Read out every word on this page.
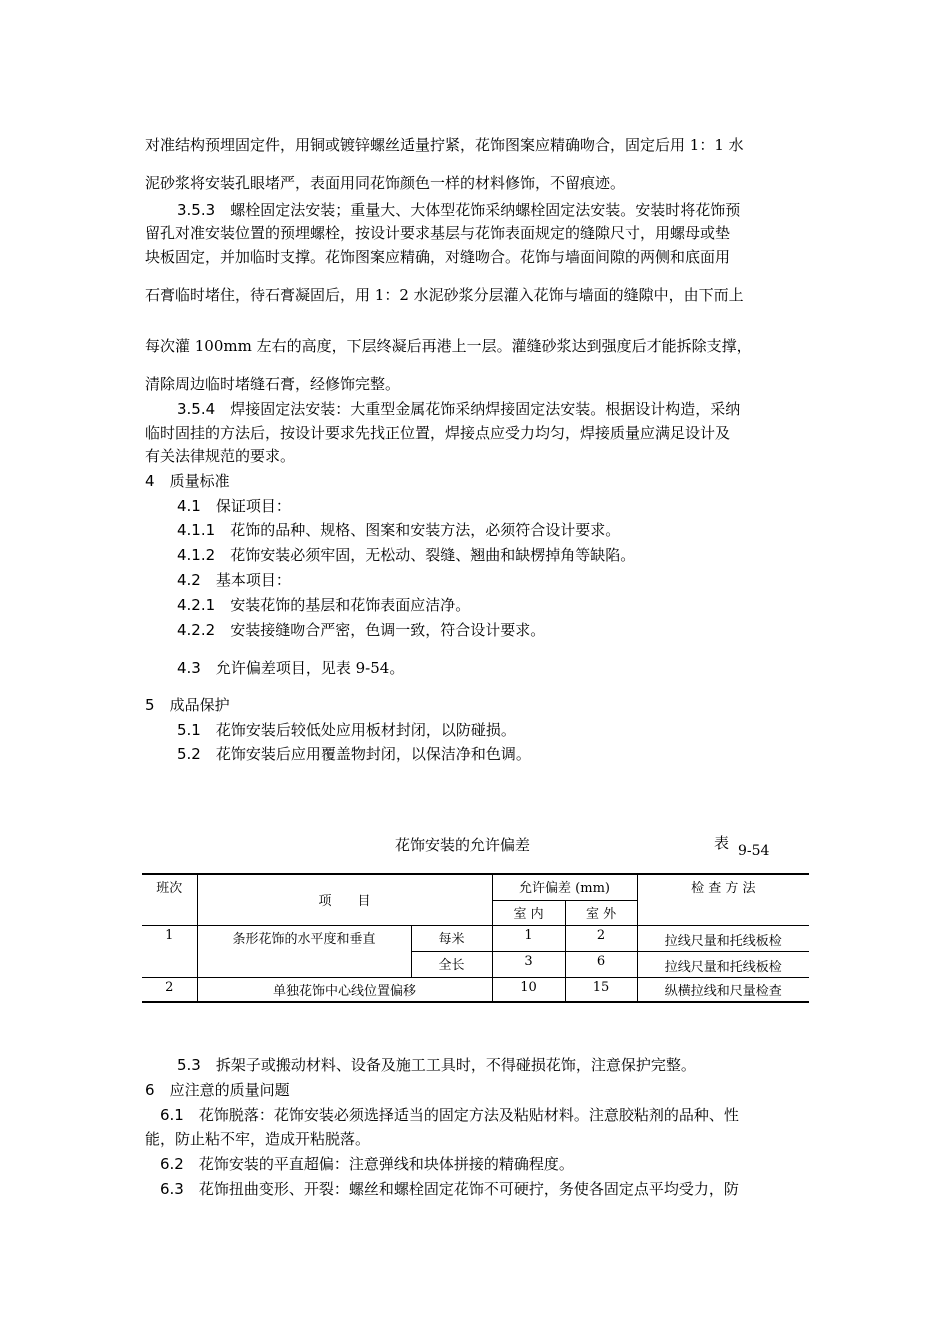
对准结构预埋固定件，用铜或镀锌螺丝适量拧紧，花饰图案应精确吻合，固定后用 1：1 水
泥砂浆将安装孔眼堵严，表面用同花饰颜色一样的材料修饰，不留痕迹。
3.5.3　 螺栓固定法安装；重量大、大体型花饰采纳螺栓固定法安装。安装时将花饰预
留孔对准安装位置的预埋螺栓，按设计要求基层与花饰表面规定的缝隙尺寸，用螺母或垫
块板固定，并加临时支撑。花饰图案应精确，对缝吻合。花饰与墙面间隙的两侧和底面用
石膏临时堵住，待石膏凝固后，用 1：2 水泥砂浆分层灌入花饰与墙面的缝隙中，由下而上
每次灌 100mm 左右的高度，下层终凝后再港上一层。灌缝砂浆达到强度后才能拆除支撑，
清除周边临时堵缝石膏，经修饰完整。
3.5.4　 焊接固定法安装：大重型金属花饰采纳焊接固定法安装。根据设计构造，采纳
临时固挂的方法后，按设计要求先找正位置，焊接点应受力均匀，焊接质量应满足设计及
有关法律规范的要求。
4　 质量标准
4.1　 保证项目：
4.1.1　 花饰的品种、规格、图案和安装方法，必须符合设计要求。
4.1.2　 花饰安装必须牢固，无松动、裂缝、翘曲和缺楞掉角等缺陷。
4.2　 基本项目：
4.2.1　 安装花饰的基层和花饰表面应洁净。
4.2.2　 安装接缝吻合严密，色调一致，符合设计要求。
4.3　 允许偏差项目，见表 9-54。
5　 成品保护
5.1　 花饰安装后较低处应用板材封闭，以防碰损。
5.2　 花饰安装后应用覆盖物封闭，以保洁净和色调。
花饰安装的允许偏差	表 9-54
班次	项　　目		允许偏差 (mm)		检 查 方 法
			室 内	室 外	
1	条形花饰的水平度和垂直	每米	1	2	拉线尺量和托线板检
		全长	3	6	拉线尺量和托线板检
2	单独花饰中心线位置偏移		10	15	纵横拉线和尺量检查
5.3　 拆架子或搬动材料、设备及施工工具时，不得碰损花饰，注意保护完整。
6　 应注意的质量问题
6.1　 花饰脱落：花饰安装必须选择适当的固定方法及粘贴材料。注意胶粘剂的品种、性
能，防止粘不牢，造成开粘脱落。
6.2　 花饰安装的平直超偏：注意弹线和块体拼接的精确程度。
6.3　 花饰扭曲变形、开裂：螺丝和螺栓固定花饰不可硬拧，务使各固定点平均受力，防
